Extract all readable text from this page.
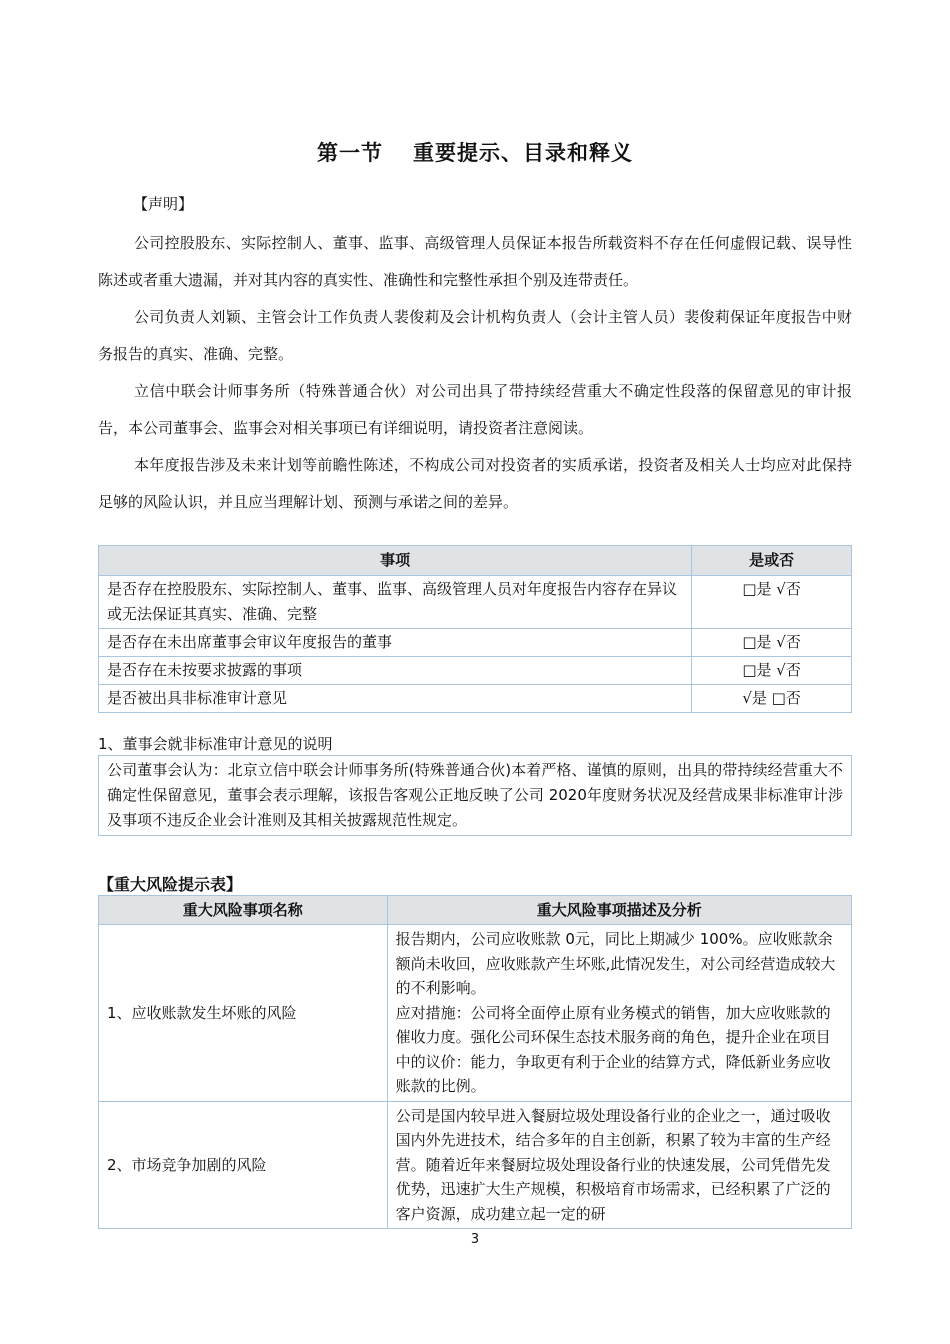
第一节 重要提示、目录和释义
【声明】
公司控股股东、实际控制人、董事、监事、高级管理人员保证本报告所载资料不存在任何虚假记载、误导性陈述或者重大遗漏，并对其内容的真实性、准确性和完整性承担个别及连带责任。
公司负责人刘颖、主管会计工作负责人裴俊莉及会计机构负责人（会计主管人员）裴俊莉保证年度报告中财务报告的真实、准确、完整。
立信中联会计师事务所（特殊普通合伙）对公司出具了带持续经营重大不确定性段落的保留意见的审计报告，本公司董事会、监事会对相关事项已有详细说明，请投资者注意阅读。
本年度报告涉及未来计划等前瞻性陈述，不构成公司对投资者的实质承诺，投资者及相关人士均应对此保持足够的风险认识，并且应当理解计划、预测与承诺之间的差异。
事项	是或否
是否存在控股股东、实际控制人、董事、监事、高级管理人员对年度报告内容存在异议或无法保证其真实、准确、完整	□是 √否
是否存在未出席董事会审议年度报告的董事	□是 √否
是否存在未按要求披露的事项	□是 √否
是否被出具非标准审计意见	√是 □否
1、董事会就非标准审计意见的说明
公司董事会认为：北京立信中联会计师事务所(特殊普通合伙)本着严格、谨慎的原则，出具的带持续经营重大不确定性保留意见，董事会表示理解，该报告客观公正地反映了公司 2020年度财务状况及经营成果非标准审计涉及事项不违反企业会计准则及其相关披露规范性规定。
【重大风险提示表】
重大风险事项名称	重大风险事项描述及分析
1、应收账款发生坏账的风险	报告期内，公司应收账款 0元，同比上期减少 100%。应收账款余额尚未收回，应收账款产生坏账,此情况发生，对公司经营造成较大的不利影响。
应对措施：公司将全面停止原有业务模式的销售，加大应收账款的催收力度。强化公司环保生态技术服务商的角色，提升企业在项目中的议价：能力，争取更有利于企业的结算方式，降低新业务应收账款的比例。

2、市场竞争加剧的风险	公司是国内较早进入餐厨垃圾处理设备行业的企业之一，通过吸收国内外先进技术，结合多年的自主创新，积累了较为丰富的生产经营。随着近年来餐厨垃圾处理设备行业的快速发展，公司凭借先发优势，迅速扩大生产规模，积极培育市场需求，已经积累了广泛的客户资源，成功建立起一定的研
3
